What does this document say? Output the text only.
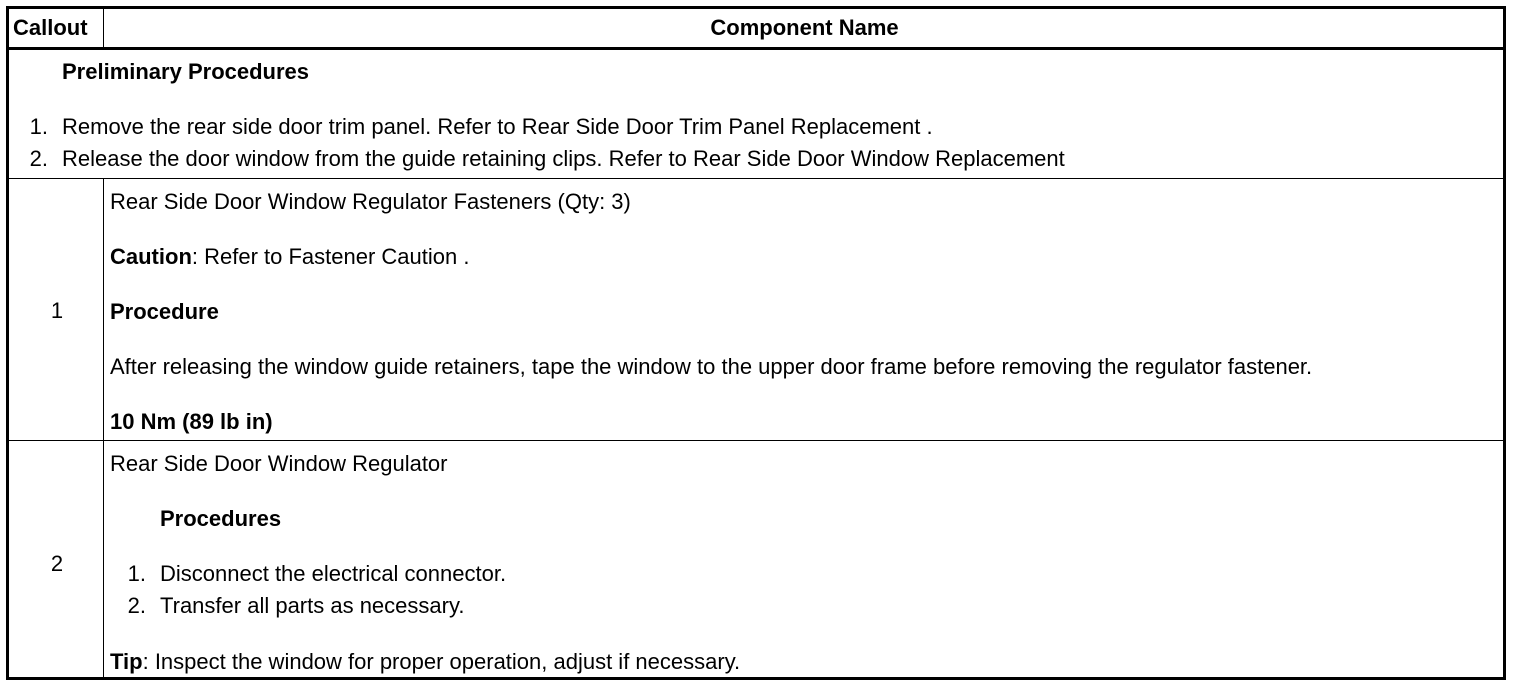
Callout	Component Name
Preliminary Procedures
1. Remove the rear side door trim panel. Refer to Rear Side Door Trim Panel Replacement .
2. Release the door window from the guide retaining clips. Refer to Rear Side Door Window Replacement
1
Rear Side Door Window Regulator Fasteners (Qty: 3)
Caution: Refer to Fastener Caution .
Procedure
After releasing the window guide retainers, tape the window to the upper door frame before removing the regulator fastener.
10 Nm (89 lb in)
2
Rear Side Door Window Regulator
Procedures
1. Disconnect the electrical connector.
2. Transfer all parts as necessary.
Tip: Inspect the window for proper operation, adjust if necessary.
